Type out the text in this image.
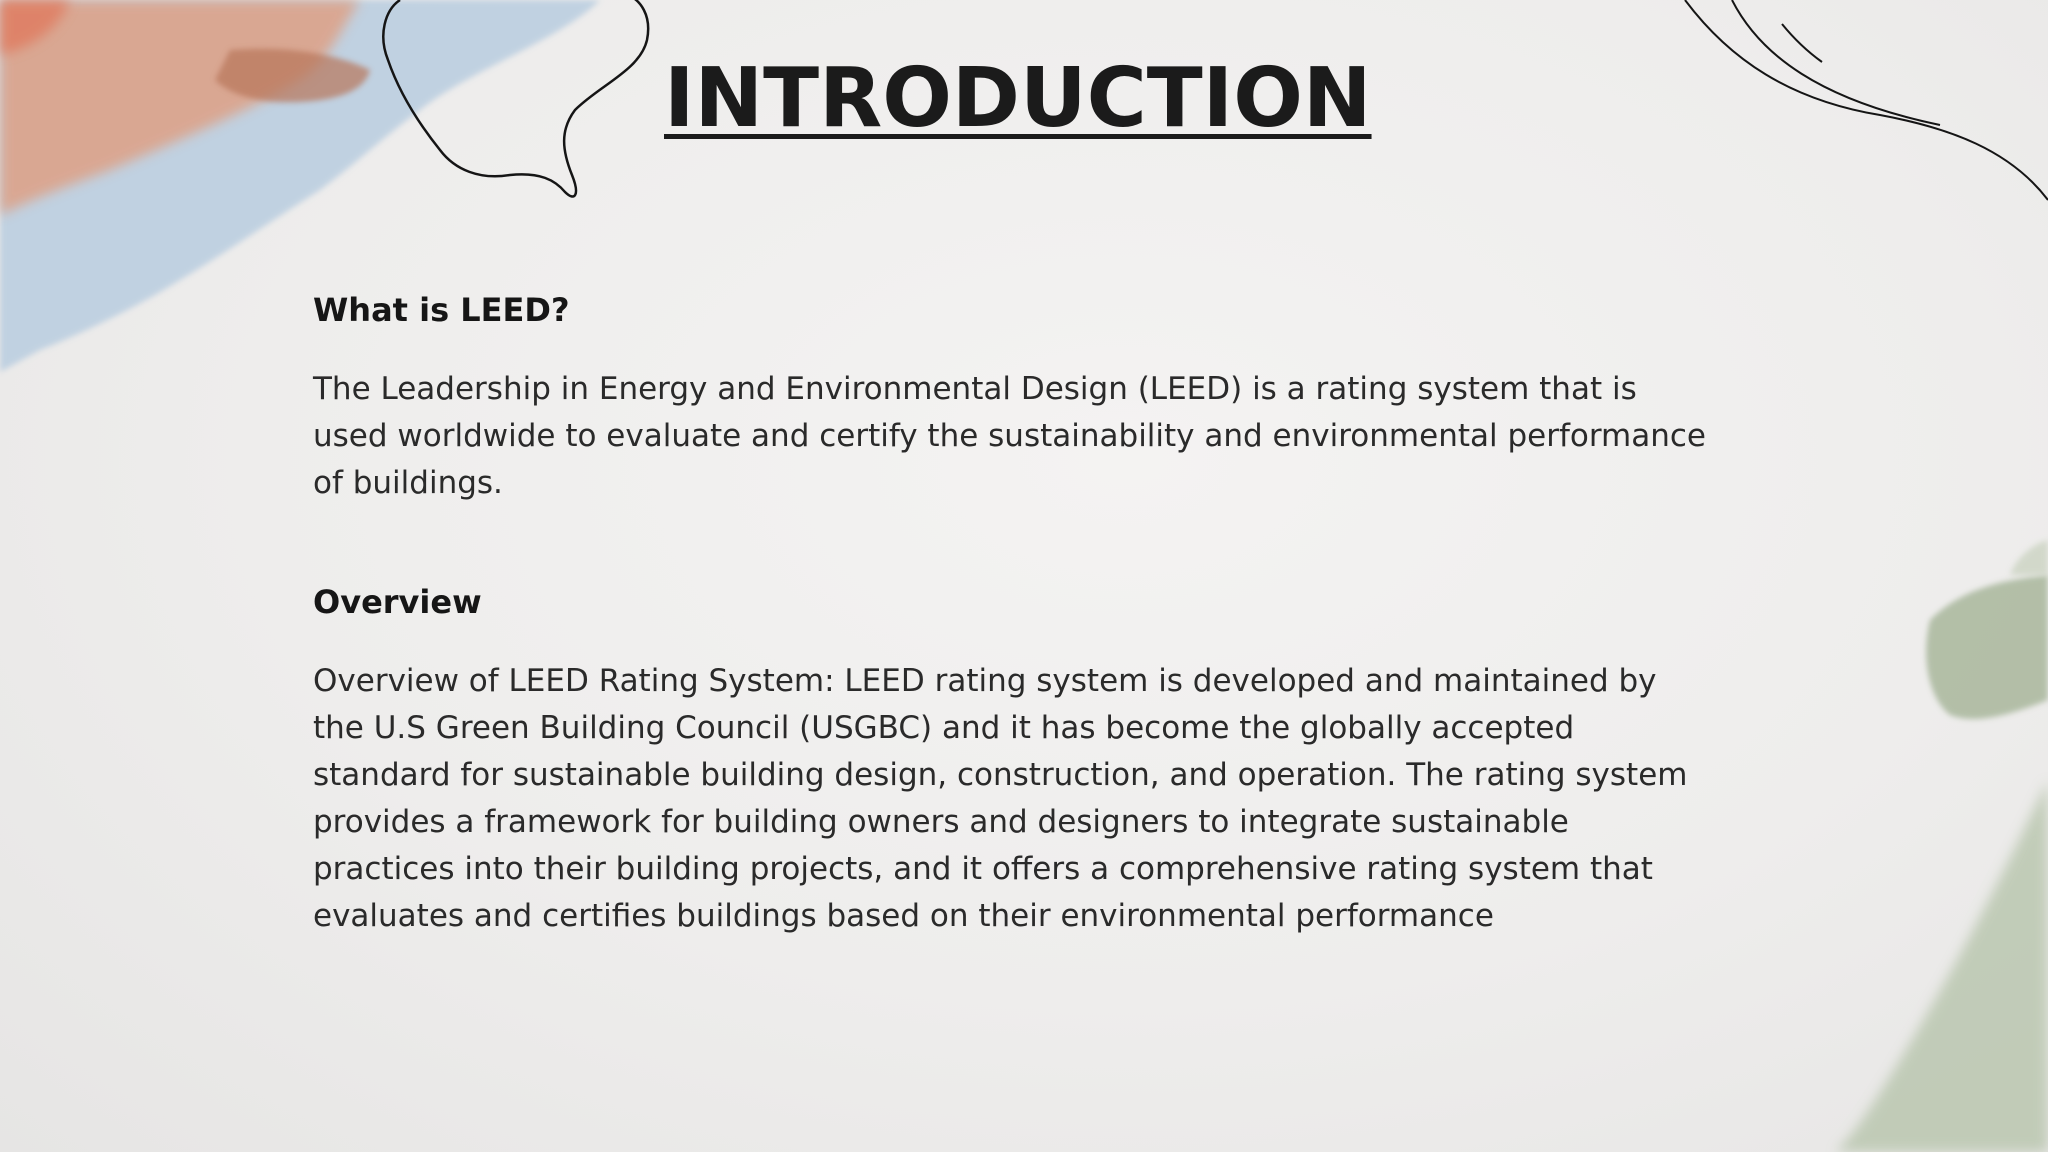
INTRODUCTION
What is LEED?

The Leadership in Energy and Environmental Design (LEED) is a rating system that is used worldwide to evaluate and certify the sustainability and environmental performance of buildings.

Overview

Overview of LEED Rating System: LEED rating system is developed and maintained by the U.S Green Building Council (USGBC) and it has become the globally accepted standard for sustainable building design, construction, and operation. The rating system provides a framework for building owners and designers to integrate sustainable practices into their building projects, and it offers a comprehensive rating system that evaluates and certifies buildings based on their environmental performance
